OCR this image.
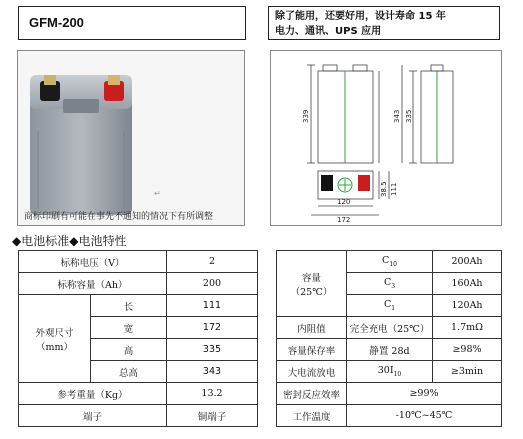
GFM-200	除了能用，还要好用，设计寿命 15 年
电力、通讯、UPS 应用
↵
商标印刷有可能在事先不通知的情况下有所调整
339	343 335
120
172
111
38.5
◆电池标准◆电池特性
标称电压（V）		2
标称容量（Ah）		200

外观尺寸
（mm）	长	111
	宽	172
	高	335
	总高	343
参考重量（Kg）		13.2
端子		铜端子
容量
（25℃）	$C_{10}$	200Ah
	$C_3$	160Ah
	$C_1$	120Ah
内阻值	完全充电（25℃）	1.7mΩ
容量保存率	静置 28d	≥98%
大电流放电	$30I_{10}$	≥3min
密封反应效率	≥99%	
工作温度	-10℃~45℃	
